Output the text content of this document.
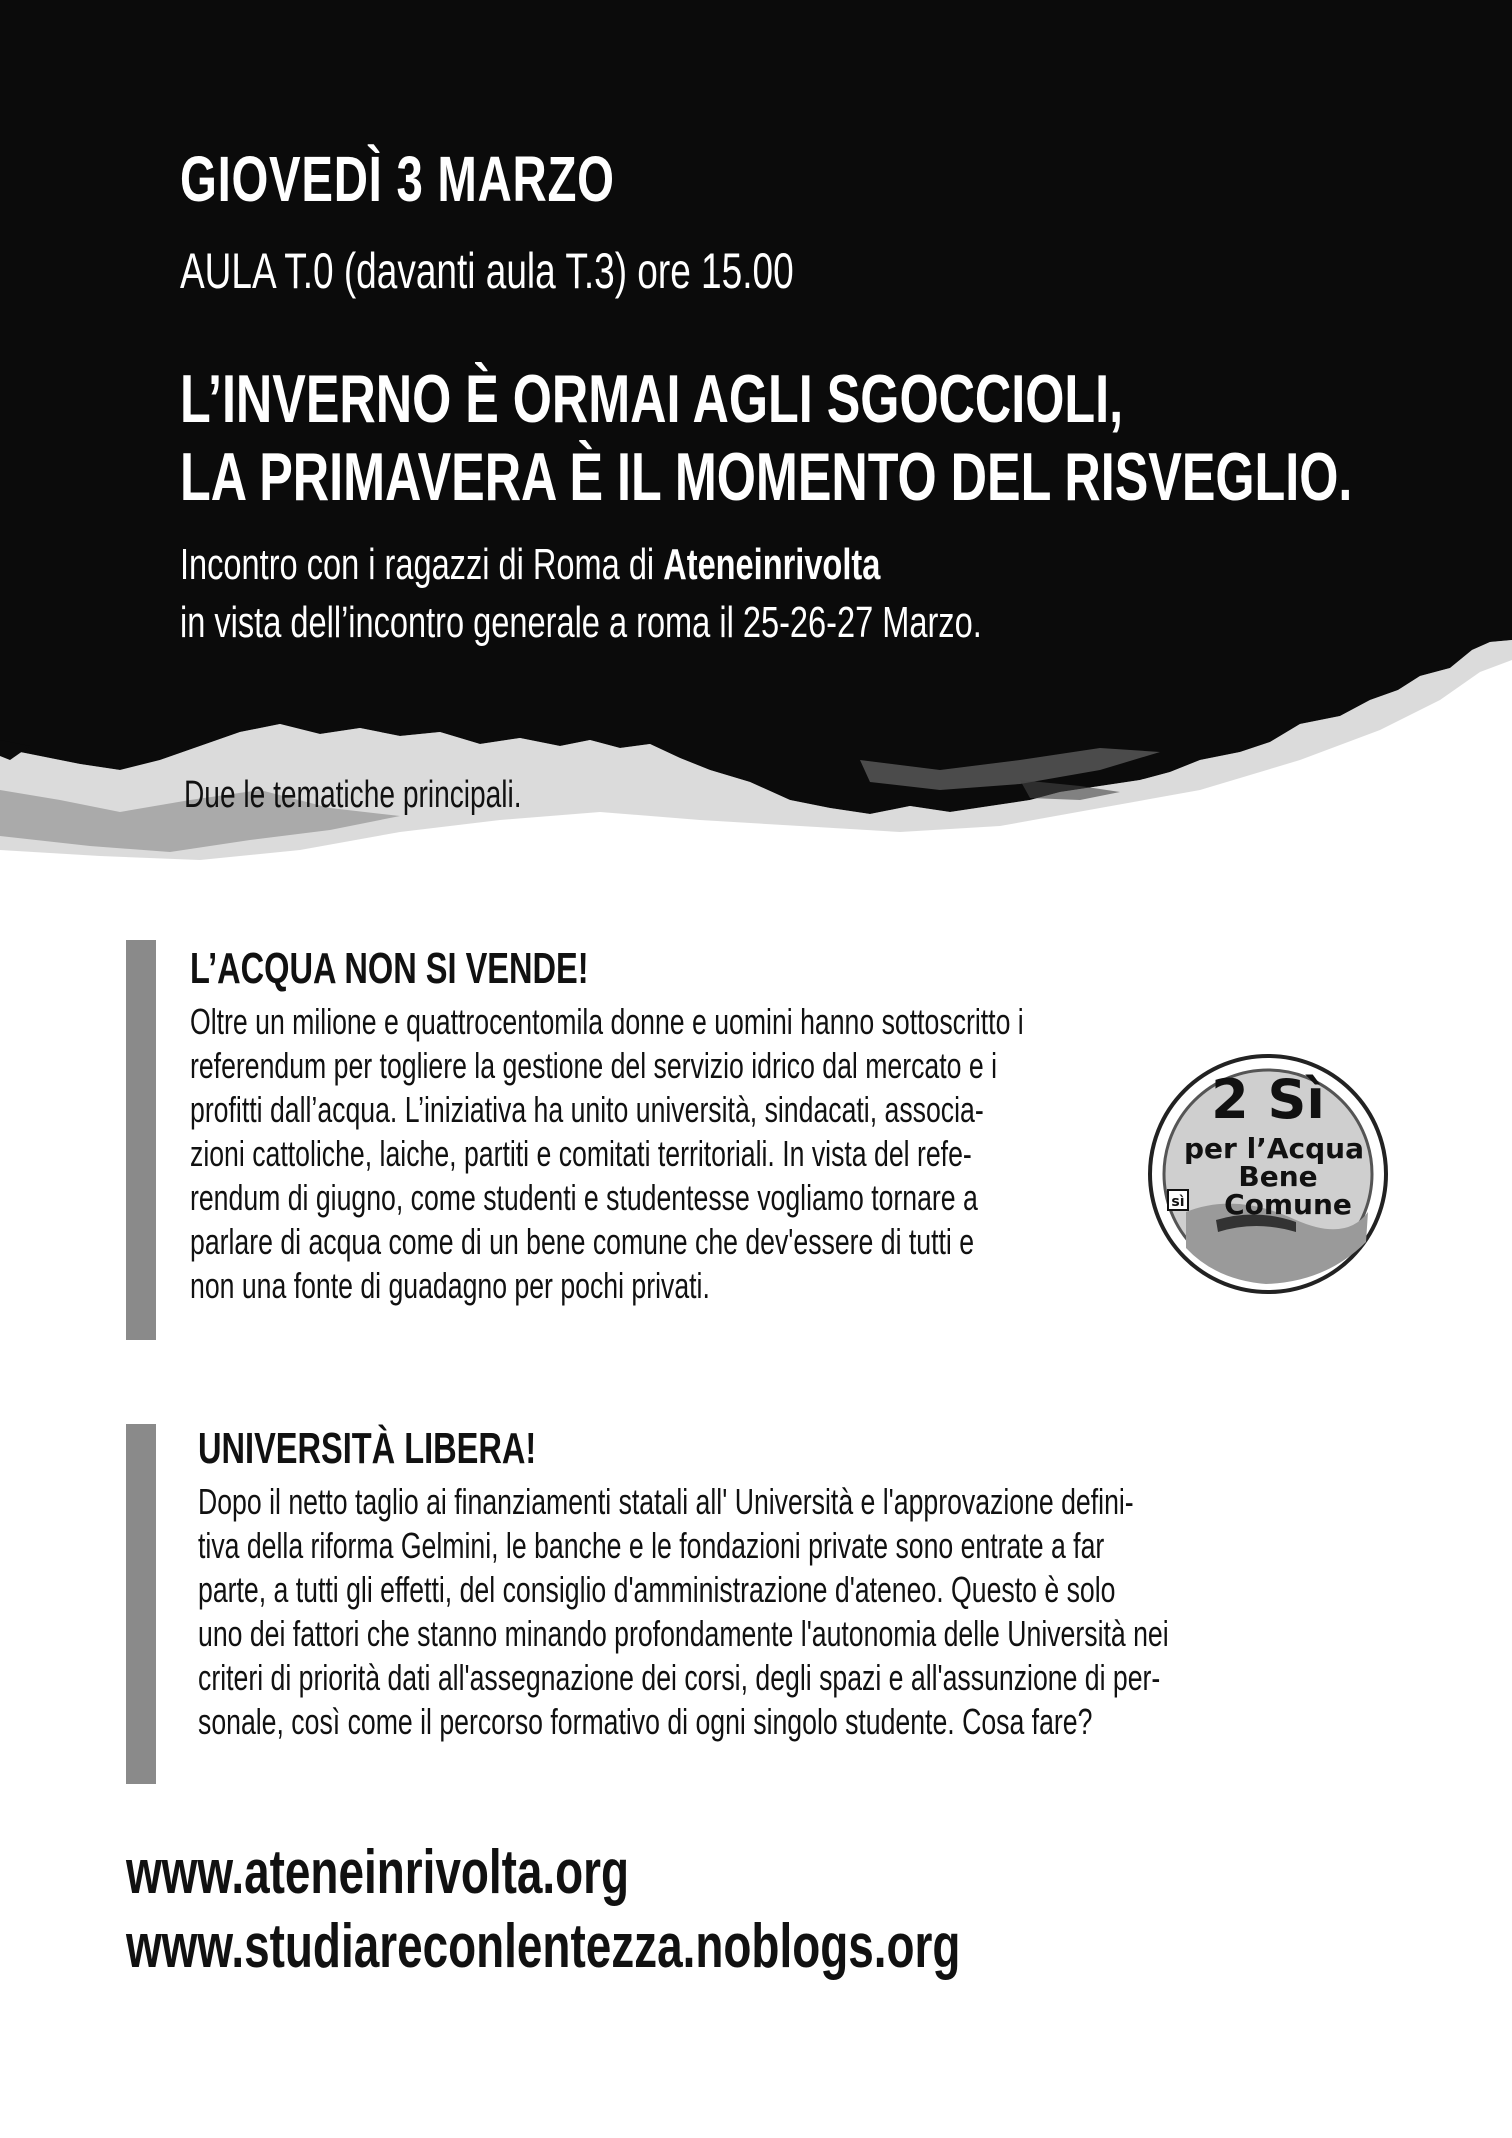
GIOVEDÌ 3 MARZO
AULA T.0 (davanti aula T.3) ore 15.00
L’INVERNO È ORMAI AGLI SGOCCIOLI,
LA PRIMAVERA È IL MOMENTO DEL RISVEGLIO.
Incontro con i ragazzi di Roma di Ateneinrivolta
in vista dell’incontro generale a roma il 25-26-27 Marzo.
Due le tematiche principali.
L’ACQUA NON SI VENDE!
Oltre un milione e quattrocentomila donne e uomini hanno sottoscritto i
referendum per togliere la gestione del servizio idrico dal mercato e i
profitti dall’acqua. L’iniziativa ha unito università, sindacati, associa-
zioni cattoliche, laiche, partiti e comitati territoriali. In vista del refe-
rendum di giugno, come studenti e studentesse vogliamo tornare a
parlare di acqua come di un bene comune che dev'essere di tutti e
non una fonte di guadagno per pochi privati.
2 Sì
per l’Acqua
Bene
sì Comune
UNIVERSITÀ LIBERA!
Dopo il netto taglio ai finanziamenti statali all' Università e l'approvazione defini-
tiva della riforma Gelmini, le banche e le fondazioni private sono entrate a far
parte, a tutti gli effetti, del consiglio d'amministrazione d'ateneo. Questo è solo
uno dei fattori che stanno minando profondamente l'autonomia delle Università nei
criteri di priorità dati all'assegnazione dei corsi, degli spazi e all'assunzione di per-
sonale, così come il percorso formativo di ogni singolo studente. Cosa fare?
www.ateneinrivolta.org
www.studiareconlentezza.noblogs.org
